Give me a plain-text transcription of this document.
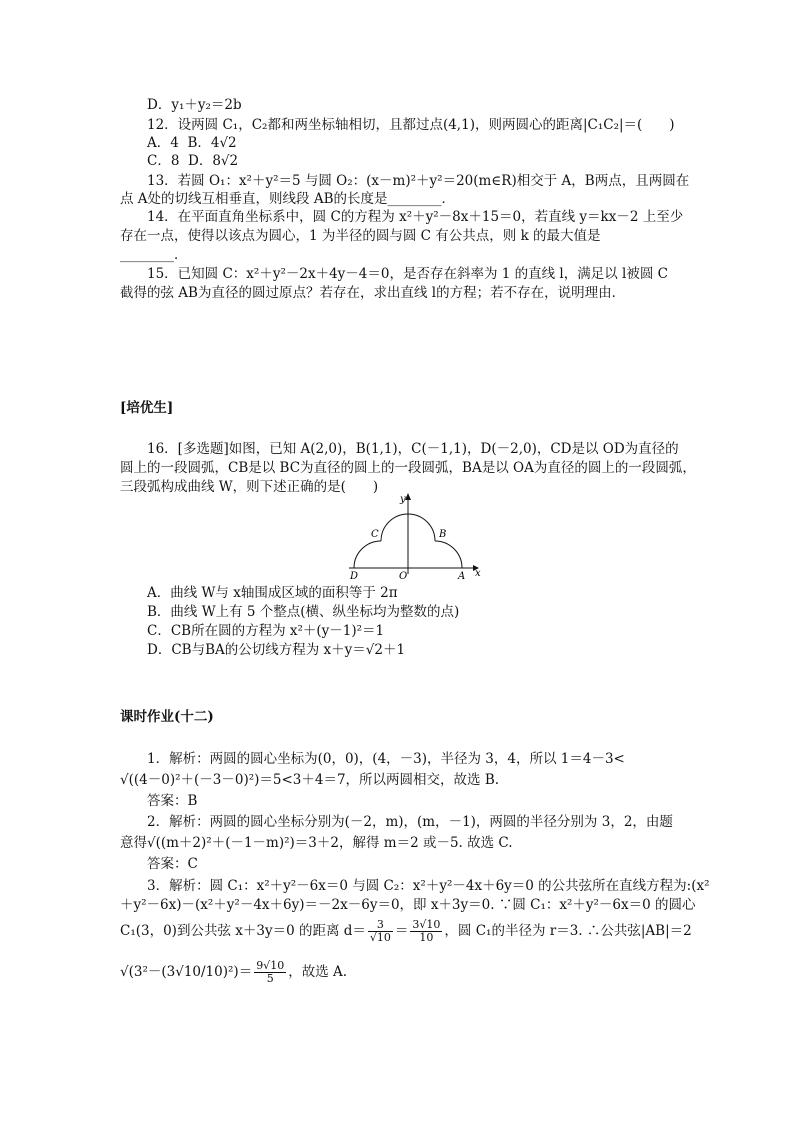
D．y₁＋y₂＝2b
12．设两圆 C₁，C₂都和两坐标轴相切，且都过点(4,1)，则两圆心的距离|C₁C₂|＝(　　)
A．4 B．4√2
C．8 D．8√2
13．若圆 O₁：x²＋y²＝5 与圆 O₂：(x－m)²＋y²＝20(m∈R)相交于 A，B两点，且两圆在
点 A处的切线互相垂直，则线段 AB的长度是________．
14．在平面直角坐标系中，圆 C的方程为 x²＋y²－8x＋15＝0，若直线 y＝kx－2 上至少
存在一点，使得以该点为圆心，1 为半径的圆与圆 C 有公共点，则 k 的最大值是
________．
15．已知圆 C：x²＋y²－2x＋4y－4＝0，是否存在斜率为 1 的直线 l，满足以 l被圆 C
截得的弦 AB为直径的圆过原点？若存在，求出直线 l的方程；若不存在，说明理由．
[培优生]
16．[多选题]如图，已知 A(2,0)，B(1,1)，C(－1,1)，D(－2,0)，CD是以 OD为直径的
圆上的一段圆弧，CB是以 BC为直径的圆上的一段圆弧，BA是以 OA为直径的圆上的一段圆弧，
三段弧构成曲线 W，则下述正确的是(　　)
y
x
O	A
B
C
D
A．曲线 W与 x轴围成区域的面积等于 2π
B．曲线 W上有 5 个整点(横、纵坐标均为整数的点)
C．CB所在圆的方程为 x²＋(y－1)²＝1
D．CB与BA的公切线方程为 x＋y＝√2＋1
课时作业(十二)
1．解析：两圆的圆心坐标为(0，0)，(4，－3)，半径为 3，4，所以 1＝4－3<
√((4－0)²＋(－3－0)²)＝5<3＋4＝7，所以两圆相交，故选 B.
答案：B
2．解析：两圆的圆心坐标分别为(－2，m)，(m，－1)，两圆的半径分别为 3，2，由题
意得√((m＋2)²＋(－1－m)²)＝3＋2，解得 m＝2 或－5. 故选 C.
答案：C
3．解析：圆 C₁：x²＋y²－6x＝0 与圆 C₂：x²＋y²－4x＋6y＝0 的公共弦所在直线方程为:(x²
＋y²－6x)－(x²＋y²－4x＋6y)＝－2x－6y＝0，即 x＋3y＝0. ∵圆 C₁：x²＋y²－6x＝0 的圆心
C₁(3，0)到公共弦 x＋3y＝0 的距离 $d= \frac{3}{√10} = \frac{3√10}{10}$ ，圆 C₁的半径为 r＝3. ∴公共弦|AB|＝2
$√(3^2-(3√10/10)^2)= \frac{9√10}{5}$ ，故选 A.
